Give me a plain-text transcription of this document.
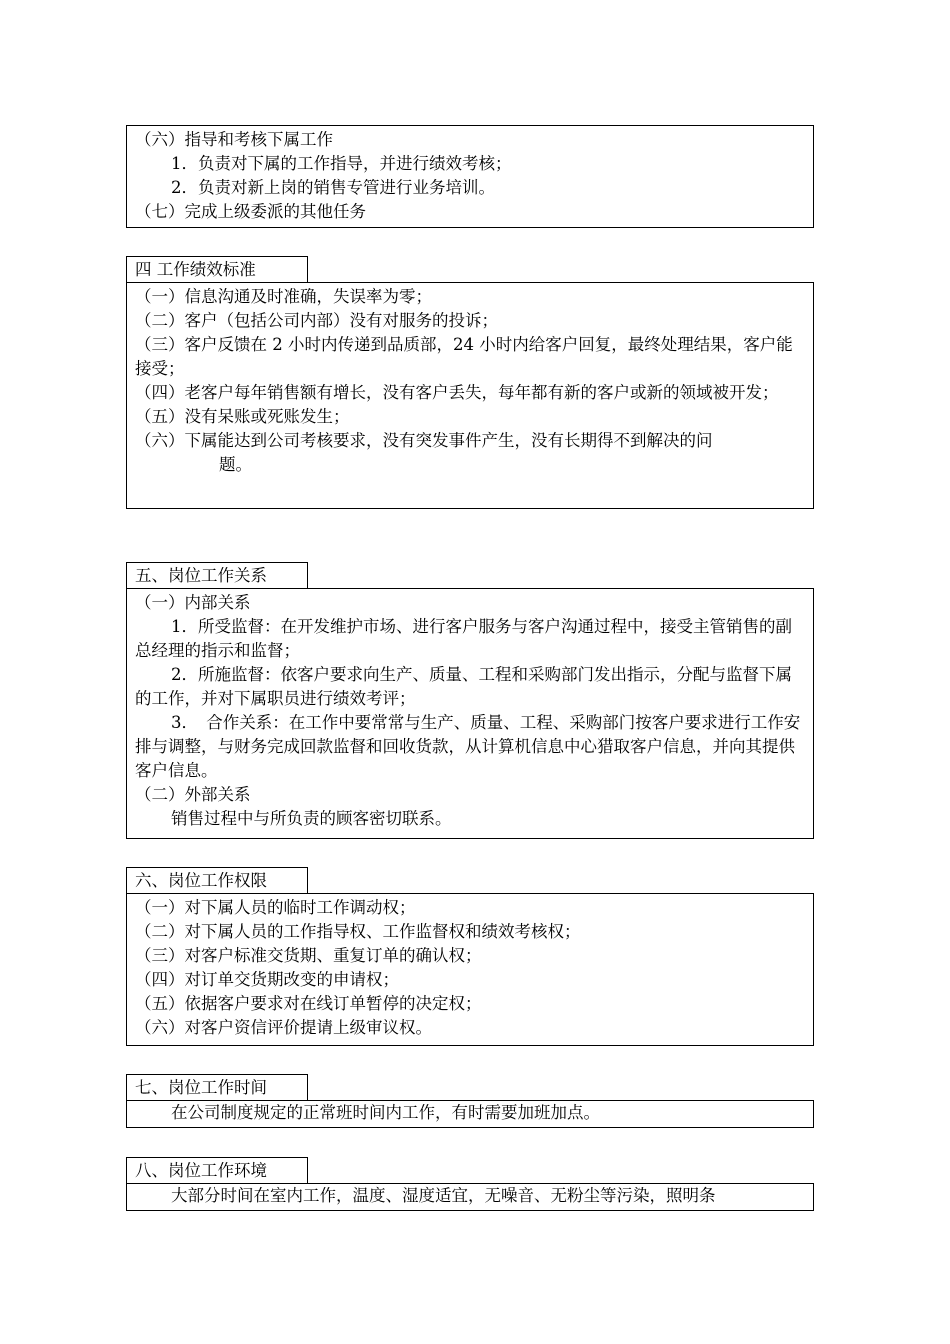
（六）指导和考核下属工作
1．负责对下属的工作指导，并进行绩效考核；
2．负责对新上岗的销售专管进行业务培训。
（七）完成上级委派的其他任务
四 工作绩效标准
（一）信息沟通及时准确，失误率为零；
（二）客户（包括公司内部）没有对服务的投诉；
（三）客户反馈在 2 小时内传递到品质部，24 小时内给客户回复，最终处理结果，客户能接受；
（四）老客户每年销售额有增长，没有客户丢失，每年都有新的客户或新的领域被开发；
（五）没有呆账或死账发生；
（六）下属能达到公司考核要求，没有突发事件产生，没有长期得不到解决的问
题。
五、岗位工作关系
（一）内部关系
1．所受监督：在开发维护市场、进行客户服务与客户沟通过程中，接受主管销售的副总经理的指示和监督；
2．所施监督：依客户要求向生产、质量、工程和采购部门发出指示，分配与监督下属的工作，并对下属职员进行绩效考评；
3．　合作关系：在工作中要常常与生产、质量、工程、采购部门按客户要求进行工作安排与调整，与财务完成回款监督和回收货款，从计算机信息中心猎取客户信息，并向其提供客户信息。
（二）外部关系
销售过程中与所负责的顾客密切联系。
六、岗位工作权限
（一）对下属人员的临时工作调动权；
（二）对下属人员的工作指导权、工作监督权和绩效考核权；
（三）对客户标准交货期、重复订单的确认权；
（四）对订单交货期改变的申请权；
（五）依据客户要求对在线订单暂停的决定权；
（六）对客户资信评价提请上级审议权。
七、岗位工作时间
在公司制度规定的正常班时间内工作，有时需要加班加点。
八、岗位工作环境
大部分时间在室内工作，温度、湿度适宜，无噪音、无粉尘等污染，照明条
